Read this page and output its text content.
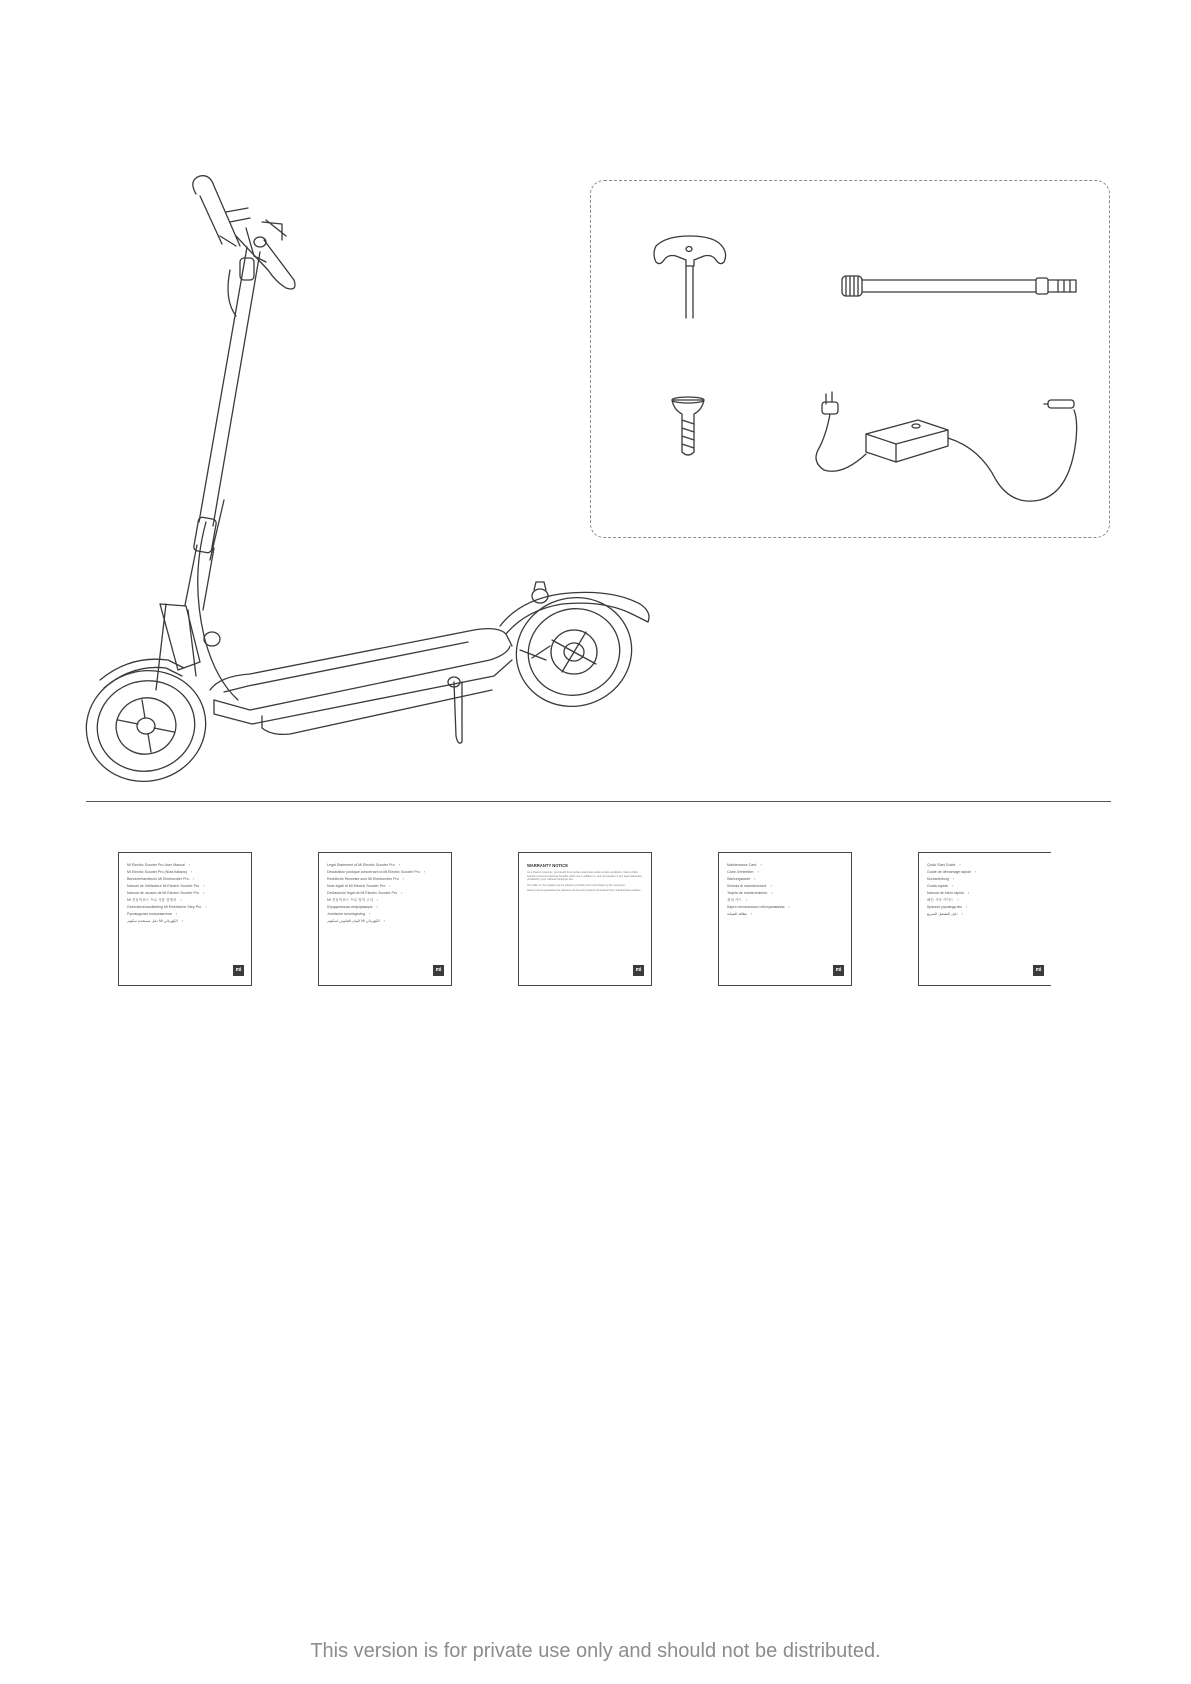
Mi Electric Scooter Pro User Manual ›
Mi Electric Scooter Pro (Nota Italiano) ›
Benutzerhandbuch Mi Elektroroller Pro ›
Manuel de l'utilisateur Mi Electric Scooter Pro ›
Manual de usuario de Mi Electric Scooter Pro ›
Mi 전동킥보드 프로 사용 설명서 ›
Gebruikershandleiding Mi Elektrische Step Pro ›
Руководство пользователя ›
دليل مستخدم سكوتر Mi الكهربائي ›
mi
Legal Statement of Mi Electric Scooter Pro ›
Déclaration juridique concernant la Mi Electric Scooter Pro ›
Rechtliche Hinweise zum Mi Elektroroller Pro ›
Note legali di Mi Electric Scooter Pro ›
Declaración legal de Mi Electric Scooter Pro ›
Mi 전동킥보드 프로 법적 고지 ›
Юридическая информация ›
Juridische kennisgeving ›
البيان القانوني لسكوتر Mi الكهربائي ›
mi
WARRANTY NOTICE
As a Xiaomi customer, you benefit from certain warranties under certain conditions. Xiaomi offers specific consumer warranty benefits which are in addition to, and not instead of, any legal warranties provided by your national consumer law.
The seller or the reseller may be asked to provide proof of purchase by the consumer.
Xiaomi cannot guarantee the warranty services for products purchased from unauthorized resellers.
mi
Maintenance Card ›
Carte d'entretien ›
Wartungskarte ›
Scheda di manutenzione ›
Tarjeta de mantenimiento ›
정비 카드 ›
Карта технического обслуживания ›
بطاقة الصيانة ›
mi
Quick Start Guide ›
Guide de démarrage rapide ›
Kurzanleitung ›
Guida rapida ›
Manual de inicio rápido ›
빠른 시작 가이드 ›
Краткое руководство ›
دليل التشغيل السريع ›
mi
This version is for private use only and should not be distributed.
